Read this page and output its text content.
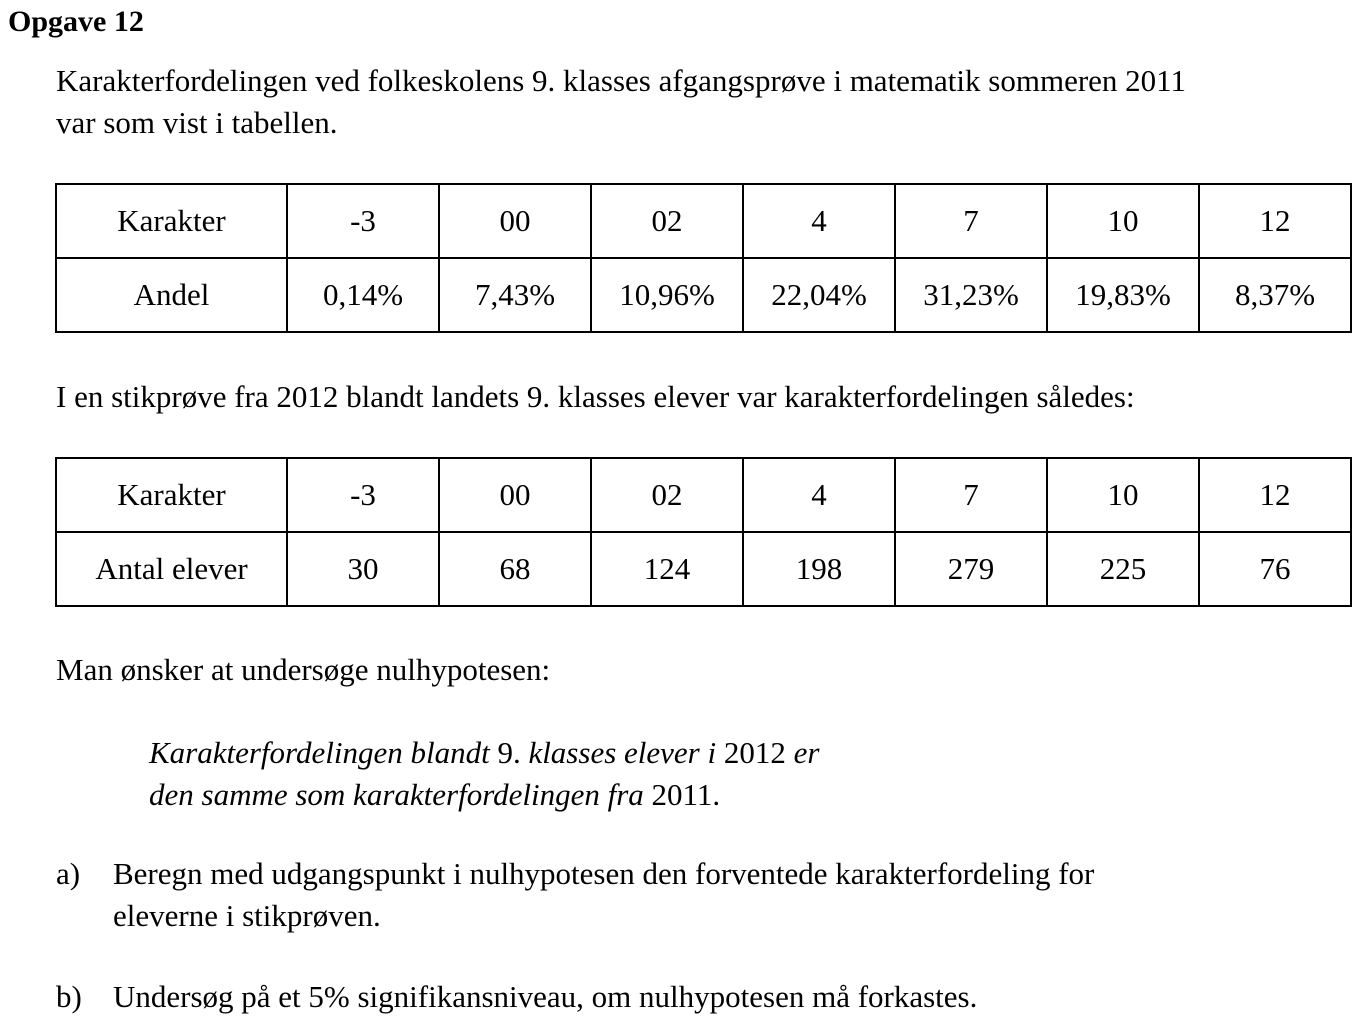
Opgave 12
Karakterfordelingen ved folkeskolens 9. klasses afgangsprøve i matematik sommeren 2011
var som vist i tabellen.
Karakter	-3	00	02	4	7	10	12
Andel	0,14%	7,43%	10,96%	22,04%	31,23%	19,83%	8,37%
I en stikprøve fra 2012 blandt landets 9. klasses elever var karakterfordelingen således:
Karakter	-3	00	02	4	7	10	12
Antal elever	30	68	124	198	279	225	76
Man ønsker at undersøge nulhypotesen:
Karakterfordelingen blandt 9. klasses elever i 2012 er
den samme som karakterfordelingen fra 2011.
a) Beregn med udgangspunkt i nulhypotesen den forventede karakterfordeling for
eleverne i stikprøven.
b) Undersøg på et 5% signifikansniveau, om nulhypotesen må forkastes.
